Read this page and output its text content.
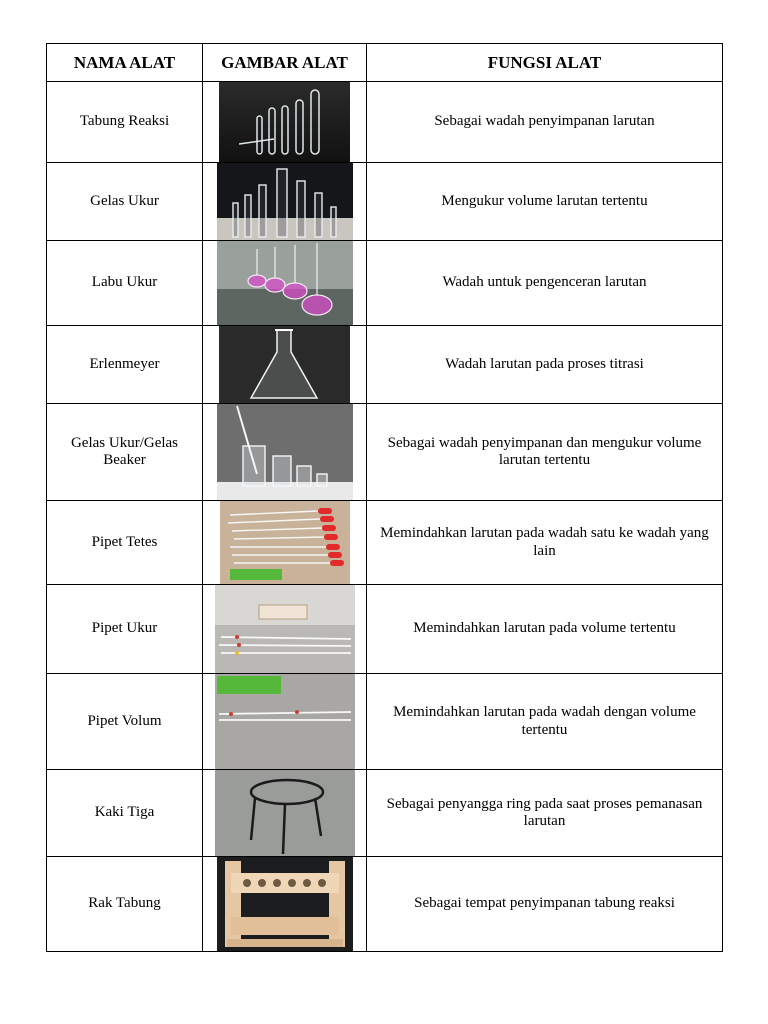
NAMA ALAT	GAMBAR ALAT	FUNGSI ALAT
Tabung Reaksi		Sebagai wadah penyimpanan larutan
Gelas Ukur		Mengukur volume larutan tertentu
Labu Ukur		Wadah untuk pengenceran larutan
Erlenmeyer		Wadah larutan pada proses titrasi
Gelas Ukur/Gelas Beaker		Sebagai wadah penyimpanan dan mengukur volume larutan tertentu
Pipet Tetes		Memindahkan larutan pada wadah satu ke wadah yang lain
Pipet Ukur		Memindahkan larutan pada volume tertentu
Pipet Volum		Memindahkan larutan pada wadah dengan volume tertentu
Kaki Tiga		Sebagai penyangga ring pada saat proses pemanasan larutan
Rak Tabung		Sebagai tempat penyimpanan tabung reaksi
